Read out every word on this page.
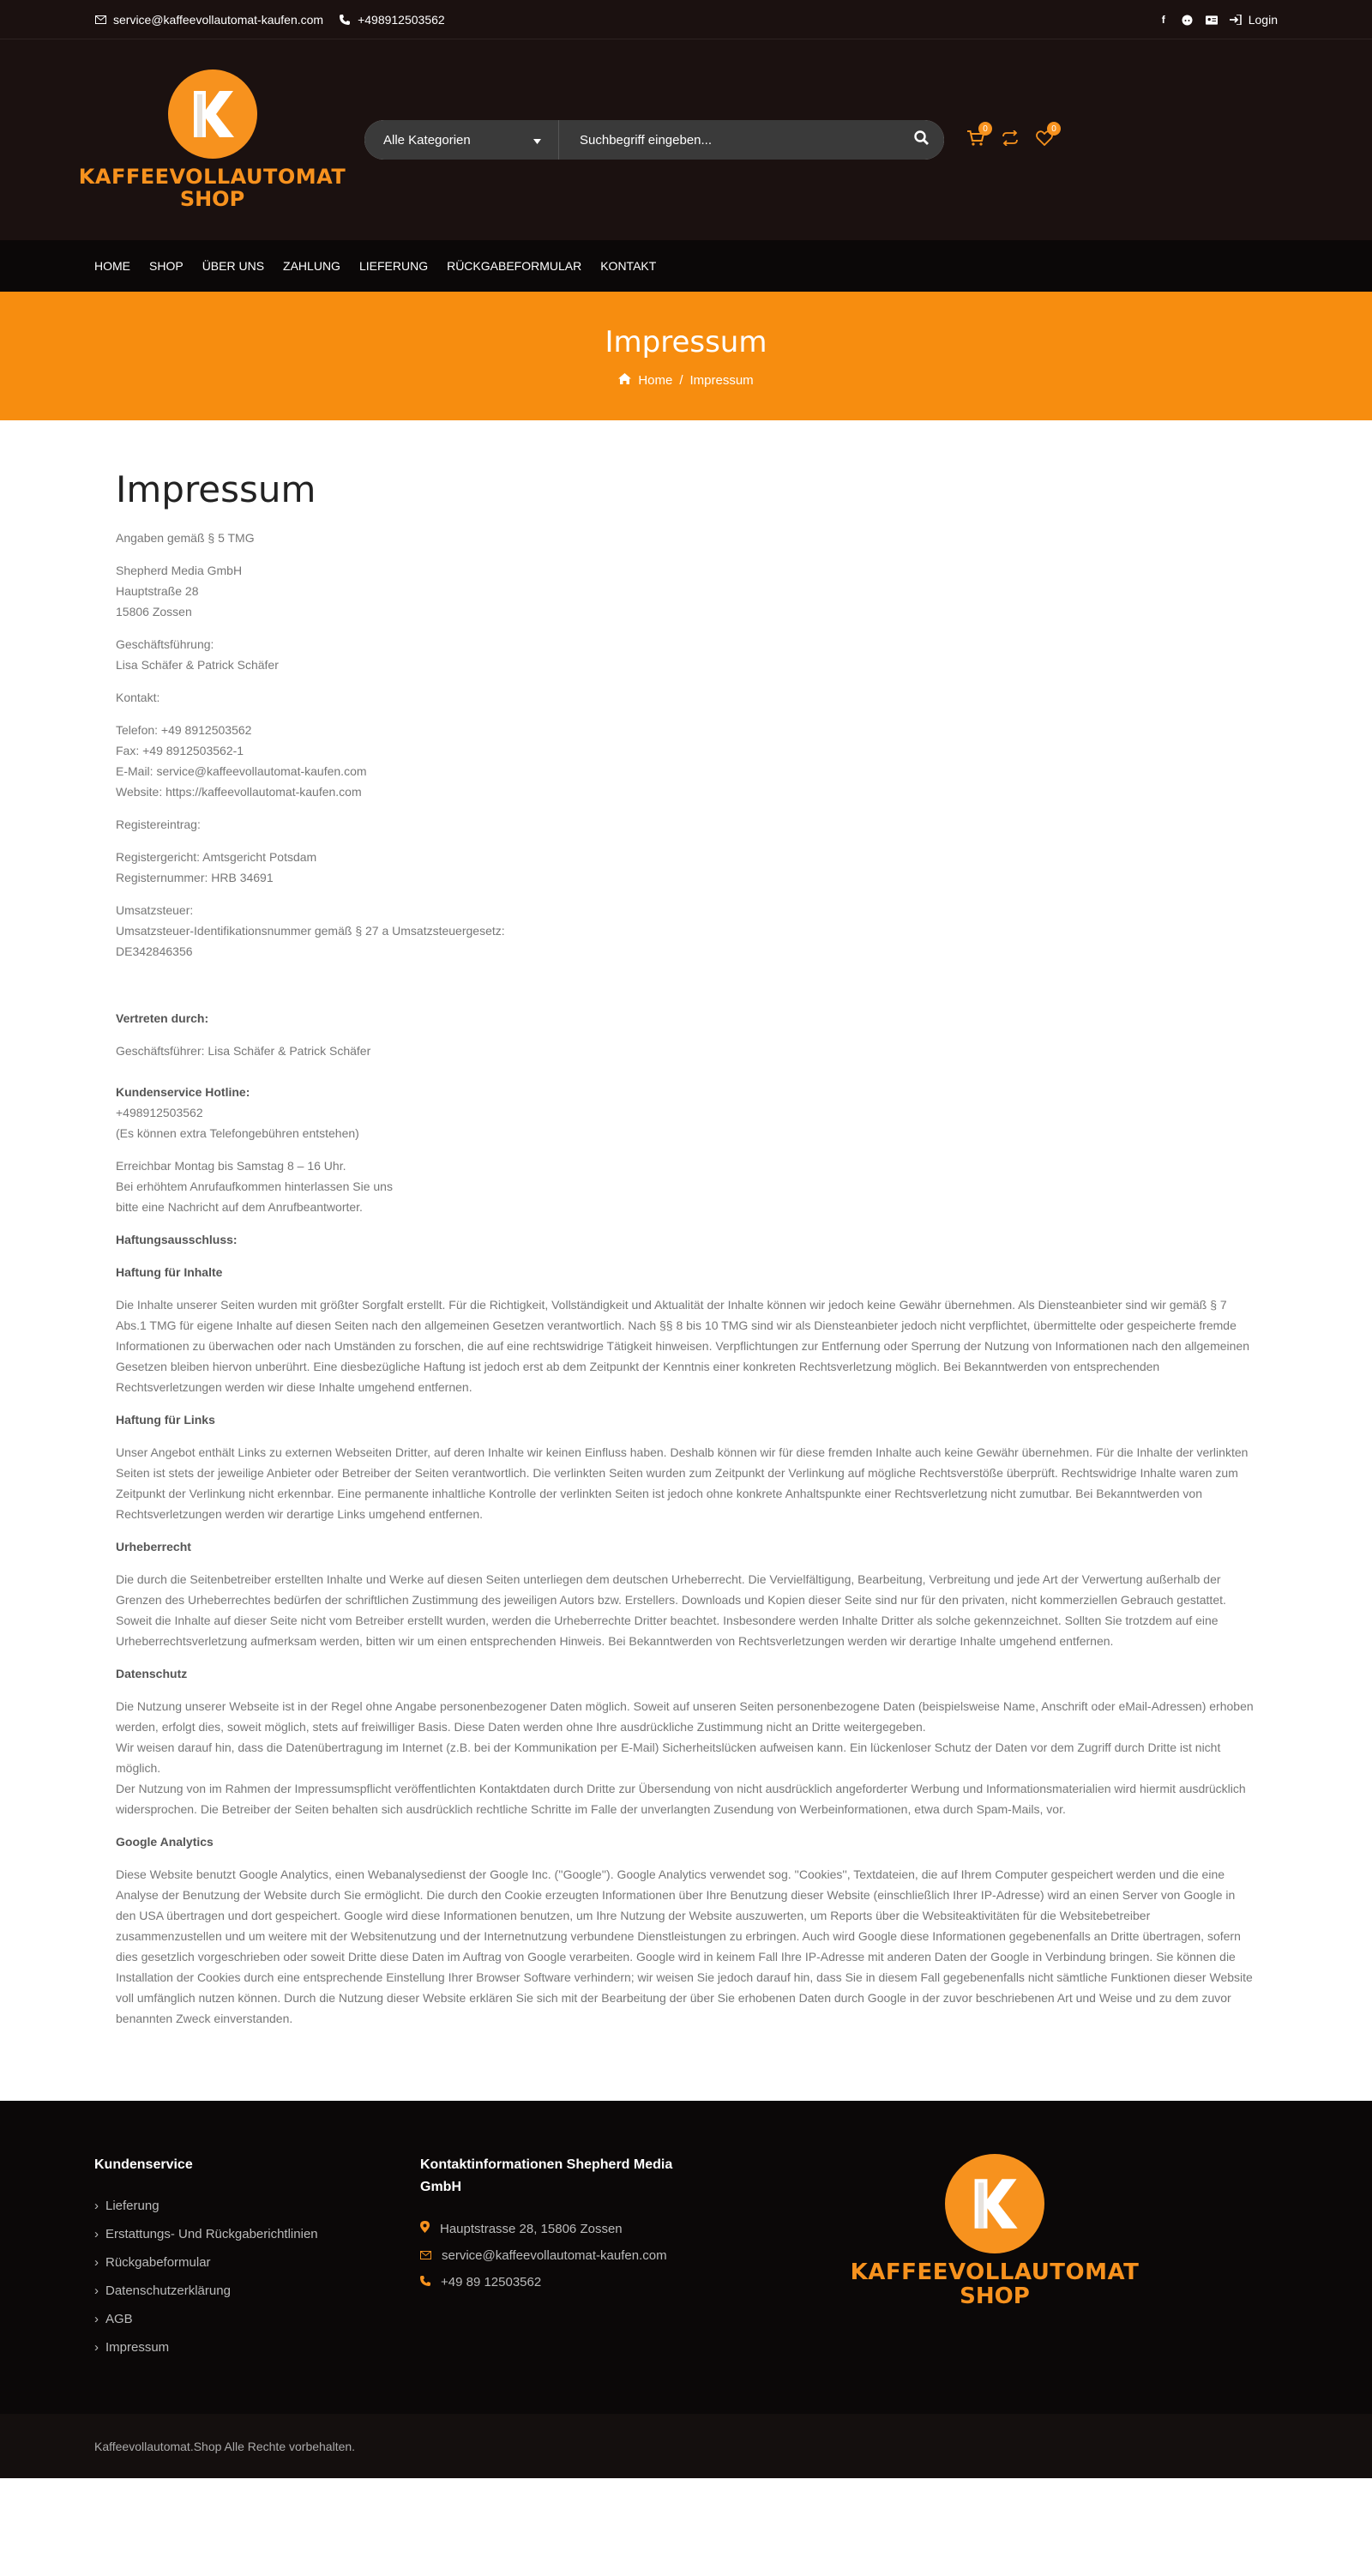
service@kaffeevollautomat-kaufen.com	+498912503562	f	Login
KAFFEEVOLLAUTOMAT
SHOP
Alle Kategorien
Suchbegriff eingeben...
0	0
HOME SHOP ÜBER UNS ZAHLUNG LIEFERUNG RÜCKGABEFORMULAR KONTAKT
Impressum
Home / Impressum
Impressum

Angaben gemäß § 5 TMG

Shepherd Media GmbH
Hauptstraße 28
15806 Zossen
Geschäftsführung:
Lisa Schäfer & Patrick Schäfer

Kontakt:

Telefon: +49 8912503562
Fax: +49 8912503562-1
E-Mail: service@kaffeevollautomat-kaufen.com
Website: https://kaffeevollautomat-kaufen.com

Registereintrag:

Registergericht: Amtsgericht Potsdam
Registernummer: HRB 34691
Umsatzsteuer:
Umsatzsteuer-Identifikationsnummer gemäß § 27 a Umsatzsteuergesetz:
DE342846356

Vertreten durch:

Geschäftsführer: Lisa Schäfer & Patrick Schäfer

Kundenservice Hotline:
+498912503562
(Es können extra Telefongebühren entstehen)
Erreichbar Montag bis Samstag 8 – 16 Uhr.
Bei erhöhtem Anrufaufkommen hinterlassen Sie uns
bitte eine Nachricht auf dem Anrufbeantworter.

Haftungsausschluss:

Haftung für Inhalte

Die Inhalte unserer Seiten wurden mit größter Sorgfalt erstellt. Für die Richtigkeit, Vollständigkeit und Aktualität der Inhalte können wir jedoch keine Gewähr übernehmen. Als Diensteanbieter sind wir gemäß § 7 Abs.1 TMG für eigene Inhalte auf diesen Seiten nach den allgemeinen Gesetzen verantwortlich. Nach §§ 8 bis 10 TMG sind wir als Diensteanbieter jedoch nicht verpflichtet, übermittelte oder gespeicherte fremde Informationen zu überwachen oder nach Umständen zu forschen, die auf eine rechtswidrige Tätigkeit hinweisen. Verpflichtungen zur Entfernung oder Sperrung der Nutzung von Informationen nach den allgemeinen Gesetzen bleiben hiervon unberührt. Eine diesbezügliche Haftung ist jedoch erst ab dem Zeitpunkt der Kenntnis einer konkreten Rechtsverletzung möglich. Bei Bekanntwerden von entsprechenden Rechtsverletzungen werden wir diese Inhalte umgehend entfernen.

Haftung für Links

Unser Angebot enthält Links zu externen Webseiten Dritter, auf deren Inhalte wir keinen Einfluss haben. Deshalb können wir für diese fremden Inhalte auch keine Gewähr übernehmen. Für die Inhalte der verlinkten Seiten ist stets der jeweilige Anbieter oder Betreiber der Seiten verantwortlich. Die verlinkten Seiten wurden zum Zeitpunkt der Verlinkung auf mögliche Rechtsverstöße überprüft. Rechtswidrige Inhalte waren zum Zeitpunkt der Verlinkung nicht erkennbar. Eine permanente inhaltliche Kontrolle der verlinkten Seiten ist jedoch ohne konkrete Anhaltspunkte einer Rechtsverletzung nicht zumutbar. Bei Bekanntwerden von Rechtsverletzungen werden wir derartige Links umgehend entfernen.

Urheberrecht

Die durch die Seitenbetreiber erstellten Inhalte und Werke auf diesen Seiten unterliegen dem deutschen Urheberrecht. Die Vervielfältigung, Bearbeitung, Verbreitung und jede Art der Verwertung außerhalb der Grenzen des Urheberrechtes bedürfen der schriftlichen Zustimmung des jeweiligen Autors bzw. Erstellers. Downloads und Kopien dieser Seite sind nur für den privaten, nicht kommerziellen Gebrauch gestattet. Soweit die Inhalte auf dieser Seite nicht vom Betreiber erstellt wurden, werden die Urheberrechte Dritter beachtet. Insbesondere werden Inhalte Dritter als solche gekennzeichnet. Sollten Sie trotzdem auf eine Urheberrechtsverletzung aufmerksam werden, bitten wir um einen entsprechenden Hinweis. Bei Bekanntwerden von Rechtsverletzungen werden wir derartige Inhalte umgehend entfernen.

Datenschutz

Die Nutzung unserer Webseite ist in der Regel ohne Angabe personenbezogener Daten möglich. Soweit auf unseren Seiten personenbezogene Daten (beispielsweise Name, Anschrift oder eMail-Adressen) erhoben werden, erfolgt dies, soweit möglich, stets auf freiwilliger Basis. Diese Daten werden ohne Ihre ausdrückliche Zustimmung nicht an Dritte weitergegeben.
Wir weisen darauf hin, dass die Datenübertragung im Internet (z.B. bei der Kommunikation per E-Mail) Sicherheitslücken aufweisen kann. Ein lückenloser Schutz der Daten vor dem Zugriff durch Dritte ist nicht möglich.
Der Nutzung von im Rahmen der Impressumspflicht veröffentlichten Kontaktdaten durch Dritte zur Übersendung von nicht ausdrücklich angeforderter Werbung und Informationsmaterialien wird hiermit ausdrücklich widersprochen. Die Betreiber der Seiten behalten sich ausdrücklich rechtliche Schritte im Falle der unverlangten Zusendung von Werbeinformationen, etwa durch Spam-Mails, vor.

Google Analytics

Diese Website benutzt Google Analytics, einen Webanalysedienst der Google Inc. (''Google''). Google Analytics verwendet sog. ''Cookies'', Textdateien, die auf Ihrem Computer gespeichert werden und die eine Analyse der Benutzung der Website durch Sie ermöglicht. Die durch den Cookie erzeugten Informationen über Ihre Benutzung dieser Website (einschließlich Ihrer IP-Adresse) wird an einen Server von Google in den USA übertragen und dort gespeichert. Google wird diese Informationen benutzen, um Ihre Nutzung der Website auszuwerten, um Reports über die Websiteaktivitäten für die Websitebetreiber zusammenzustellen und um weitere mit der Websitenutzung und der Internetnutzung verbundene Dienstleistungen zu erbringen. Auch wird Google diese Informationen gegebenenfalls an Dritte übertragen, sofern dies gesetzlich vorgeschrieben oder soweit Dritte diese Daten im Auftrag von Google verarbeiten. Google wird in keinem Fall Ihre IP-Adresse mit anderen Daten der Google in Verbindung bringen. Sie können die Installation der Cookies durch eine entsprechende Einstellung Ihrer Browser Software verhindern; wir weisen Sie jedoch darauf hin, dass Sie in diesem Fall gegebenenfalls nicht sämtliche Funktionen dieser Website voll umfänglich nutzen können. Durch die Nutzung dieser Website erklären Sie sich mit der Bearbeitung der über Sie erhobenen Daten durch Google in der zuvor beschriebenen Art und Weise und zu dem zuvor benannten Zweck einverstanden.

Kundenservice
› Lieferung
› Erstattungs- Und Rückgaberichtlinien
› Rückgabeformular
› Datenschutzerklärung
› AGB
› Impressum
Kontaktinformationen Shepherd Media GmbH
Hauptstrasse 28, 15806 Zossen
service@kaffeevollautomat-kaufen.com
+49 89 12503562	KAFFEEVOLLAUTOMAT
SHOP
Kaffeevollautomat.Shop Alle Rechte vorbehalten.
